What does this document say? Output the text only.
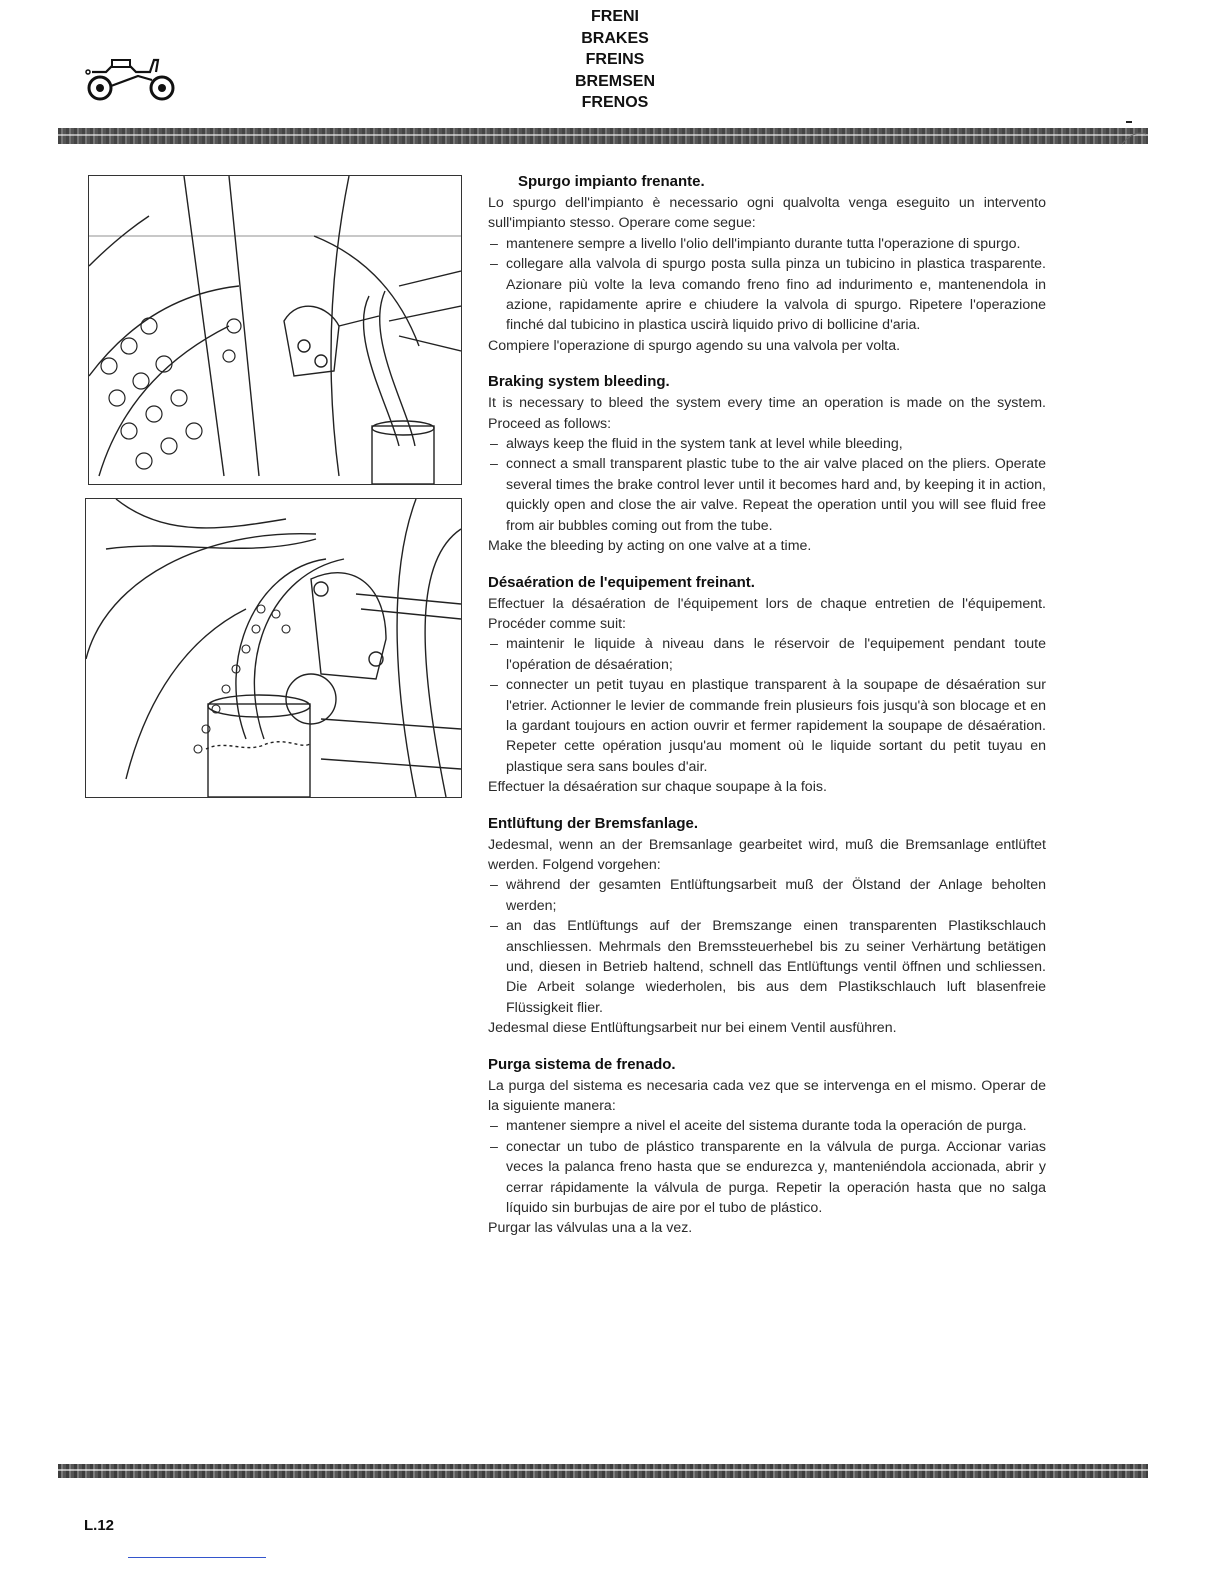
FRENI
BRAKES
FREINS
BREMSEN
FRENOS
Spurgo impianto frenante.

Lo spurgo dell'impianto è necessario ogni qualvolta venga eseguito un intervento sull'impianto stesso. Operare come segue:

– mantenere sempre a livello l'olio dell'impianto durante tutta l'operazione di spurgo.
– collegare alla valvola di spurgo posta sulla pinza un tubicino in plastica trasparente. Azionare più volte la leva comando freno fino ad indurimento e, mantenendola in azione, rapidamente aprire e chiudere la valvola di spurgo. Ripetere l'operazione finché dal tubicino in plastica uscirà liquido privo di bollicine d'aria.

Compiere l'operazione di spurgo agendo su una valvola per volta.

Braking system bleeding.

It is necessary to bleed the system every time an operation is made on the system. Proceed as follows:

– always keep the fluid in the system tank at level while bleeding,
– connect a small transparent plastic tube to the air valve placed on the pliers. Operate several times the brake control lever until it becomes hard and, by keeping it in action, quickly open and close the air valve. Repeat the operation until you will see fluid free from air bubbles coming out from the tube.

Make the bleeding by acting on one valve at a time.

Désaération de l'equipement freinant.

Effectuer la désaération de l'équipement lors de chaque entretien de l'équipement. Procéder comme suit:

– maintenir le liquide à niveau dans le réservoir de l'equipement pendant toute l'opération de désaération;
– connecter un petit tuyau en plastique transparent à la soupape de désaération sur l'etrier. Actionner le levier de commande frein plusieurs fois jusqu'à son blocage et en la gardant toujours en action ouvrir et fermer rapidement la soupape de désaération. Repeter cette opération jusqu'au moment où le liquide sortant du petit tuyau en plastique sera sans boules d'air.

Effectuer la désaération sur chaque soupape à la fois.

Entlüftung der Bremsfanlage.

Jedesmal, wenn an der Bremsanlage gearbeitet wird, muß die Bremsanlage entlüftet werden. Folgend vorgehen:

– während der gesamten Entlüftungsarbeit muß der Ölstand der Anlage beholten werden;
– an das Entlüftungs auf der Bremszange einen transparenten Plastikschlauch anschliessen. Mehrmals den Bremssteuerhebel bis zu seiner Verhärtung betätigen und, diesen in Betrieb haltend, schnell das Entlüftungs ventil öffnen und schliessen. Die Arbeit solange wiederholen, bis aus dem Plastikschlauch luft blasenfreie Flüssigkeit flier.

Jedesmal diese Entlüftungsarbeit nur bei einem Ventil ausführen.

Purga sistema de frenado.

La purga del sistema es necesaria cada vez que se intervenga en el mismo. Operar de la siguiente manera:

– mantener siempre a nivel el aceite del sistema durante toda la operación de purga.
– conectar un tubo de plástico transparente en la válvula de purga. Accionar varias veces la palanca freno hasta que se endurezca y, manteniéndola accionada, abrir y cerrar rápidamente la válvula de purga. Repetir la operación hasta que no salga líquido sin burbujas de aire por el tubo de plástico.

Purgar las válvulas una a la vez.

L.12
